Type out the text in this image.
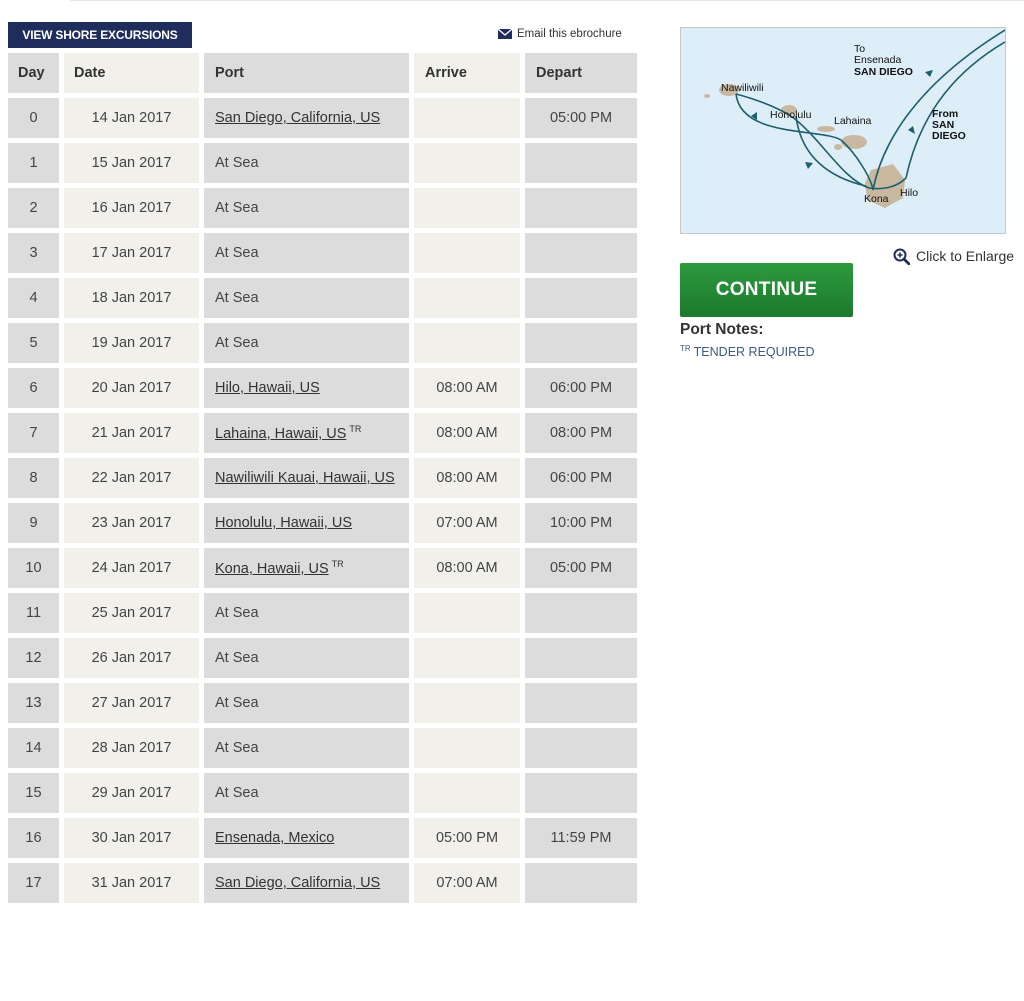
VIEW SHORE EXCURSIONS	Email this ebrochure
Day	Date	Port	Arrive	Depart
0	14 Jan 2017	San Diego, California, US		05:00 PM
1	15 Jan 2017	At Sea		
2	16 Jan 2017	At Sea		
3	17 Jan 2017	At Sea		
4	18 Jan 2017	At Sea		
5	19 Jan 2017	At Sea		
6	20 Jan 2017	Hilo, Hawaii, US	08:00 AM	06:00 PM
7	21 Jan 2017	Lahaina, Hawaii, US $^{TR}$	08:00 AM	08:00 PM
8	22 Jan 2017	Nawiliwili Kauai, Hawaii, US	08:00 AM	06:00 PM
9	23 Jan 2017	Honolulu, Hawaii, US	07:00 AM	10:00 PM
10	24 Jan 2017	Kona, Hawaii, US $^{TR}$	08:00 AM	05:00 PM
11	25 Jan 2017	At Sea		
12	26 Jan 2017	At Sea		
13	27 Jan 2017	At Sea		
14	28 Jan 2017	At Sea		
15	29 Jan 2017	At Sea		
16	30 Jan 2017	Ensenada, Mexico	05:00 PM	11:59 PM
17	31 Jan 2017	San Diego, California, US	07:00 AM	
Nawiliwili
Honolulu Lahaina
Kona Hilo
To
Ensenada
SAN DIEGO
From
SAN
DIEGO
Click to Enlarge
CONTINUE
Port Notes:
$^{TR}$ TENDER REQUIRED
